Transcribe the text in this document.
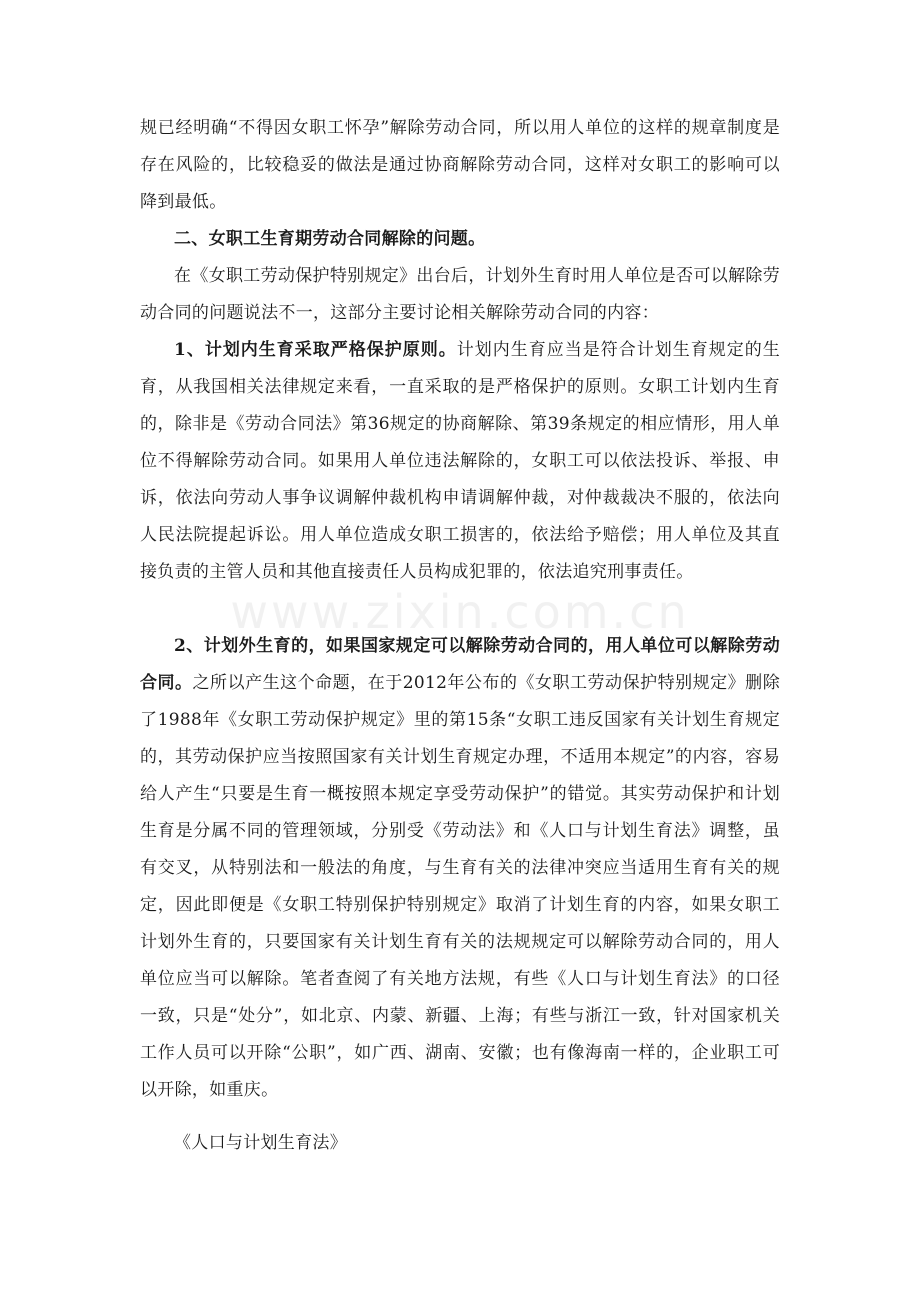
www.zixin.com.cn

规已经明确“不得因女职工怀孕”解除劳动合同，所以用人单位的这样的规章制度是存在风险的，比较稳妥的做法是通过协商解除劳动合同，这样对女职工的影响可以降到最低。

二、女职工生育期劳动合同解除的问题。

在《女职工劳动保护特别规定》出台后，计划外生育时用人单位是否可以解除劳动合同的问题说法不一，这部分主要讨论相关解除劳动合同的内容：

1、计划内生育采取严格保护原则。计划内生育应当是符合计划生育规定的生育，从我国相关法律规定来看，一直采取的是严格保护的原则。女职工计划内生育的，除非是《劳动合同法》第36规定的协商解除、第39条规定的相应情形，用人单位不得解除劳动合同。如果用人单位违法解除的，女职工可以依法投诉、举报、申诉，依法向劳动人事争议调解仲裁机构申请调解仲裁，对仲裁裁决不服的，依法向人民法院提起诉讼。用人单位造成女职工损害的，依法给予赔偿；用人单位及其直接负责的主管人员和其他直接责任人员构成犯罪的，依法追究刑事责任。

2、计划外生育的，如果国家规定可以解除劳动合同的，用人单位可以解除劳动合同。之所以产生这个命题，在于2012年公布的《女职工劳动保护特别规定》删除了1988年《女职工劳动保护规定》里的第15条“女职工违反国家有关计划生育规定的，其劳动保护应当按照国家有关计划生育规定办理，不适用本规定”的内容，容易给人产生“只要是生育一概按照本规定享受劳动保护”的错觉。其实劳动保护和计划生育是分属不同的管理领域，分别受《劳动法》和《人口与计划生育法》调整，虽有交叉，从特别法和一般法的角度，与生育有关的法律冲突应当适用生育有关的规定，因此即便是《女职工特别保护特别规定》取消了计划生育的内容，如果女职工计划外生育的，只要国家有关计划生育有关的法规规定可以解除劳动合同的，用人单位应当可以解除。笔者查阅了有关地方法规，有些《人口与计划生育法》的口径一致，只是“处分”，如北京、内蒙、新疆、上海；有些与浙江一致，针对国家机关工作人员可以开除“公职”，如广西、湖南、安徽；也有像海南一样的，企业职工可以开除，如重庆。

《人口与计划生育法》
